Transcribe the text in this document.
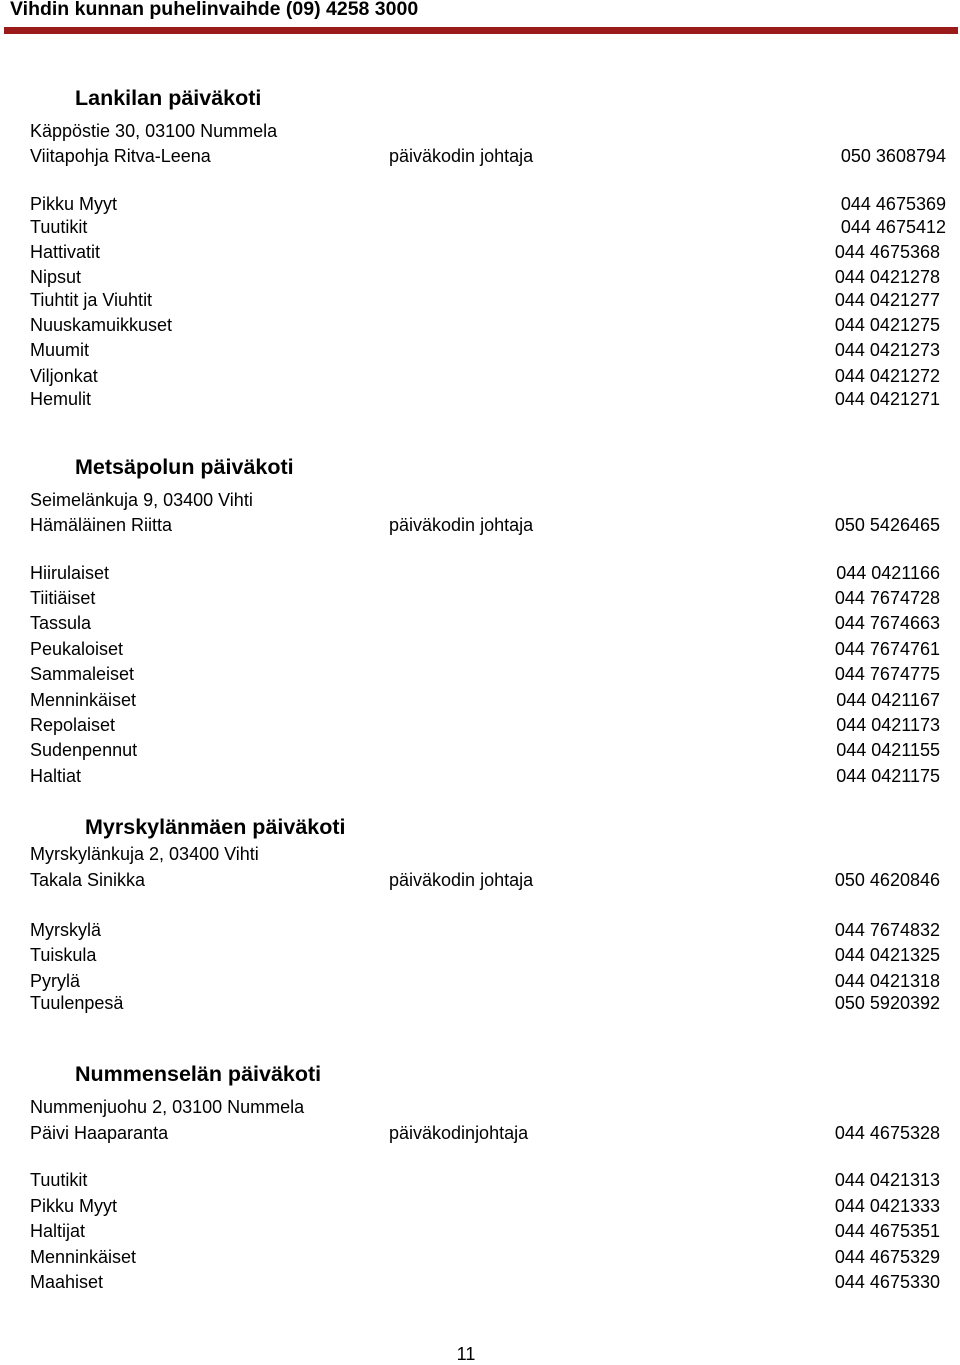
Vihdin kunnan puhelinvaihde (09) 4258 3000
Lankilan päiväkoti
Käppöstie 30, 03100 Nummela
Viitapohja Ritva-Leena	päiväkodin johtaja	050 3608794
Pikku Myyt	044 4675369
Tuutikit	044 4675412
Hattivatit	044 4675368
Nipsut	044 0421278
Tiuhtit ja Viuhtit	044 0421277
Nuuskamuikkuset	044 0421275
Muumit	044 0421273
Viljonkat	044 0421272
Hemulit	044 0421271
Metsäpolun päiväkoti
Seimelänkuja 9, 03400 Vihti
Hämäläinen Riitta	päiväkodin johtaja	050 5426465
Hiirulaiset	044 0421166
Tiitiäiset	044 7674728
Tassula	044 7674663
Peukaloiset	044 7674761
Sammaleiset	044 7674775
Menninkäiset	044 0421167
Repolaiset	044 0421173
Sudenpennut	044 0421155
Haltiat	044 0421175
Myrskylänmäen päiväkoti
Myrskylänkuja 2, 03400 Vihti
Takala Sinikka	päiväkodin johtaja	050 4620846
Myrskylä	044 7674832
Tuiskula	044 0421325
Pyrylä	044 0421318
Tuulenpesä	050 5920392
Nummenselän päiväkoti
Nummenjuohu 2, 03100 Nummela
Päivi Haaparanta	päiväkodinjohtaja	044 4675328
Tuutikit	044 0421313
Pikku Myyt	044 0421333
Haltijat	044 4675351
Menninkäiset	044 4675329
Maahiset	044 4675330
11
